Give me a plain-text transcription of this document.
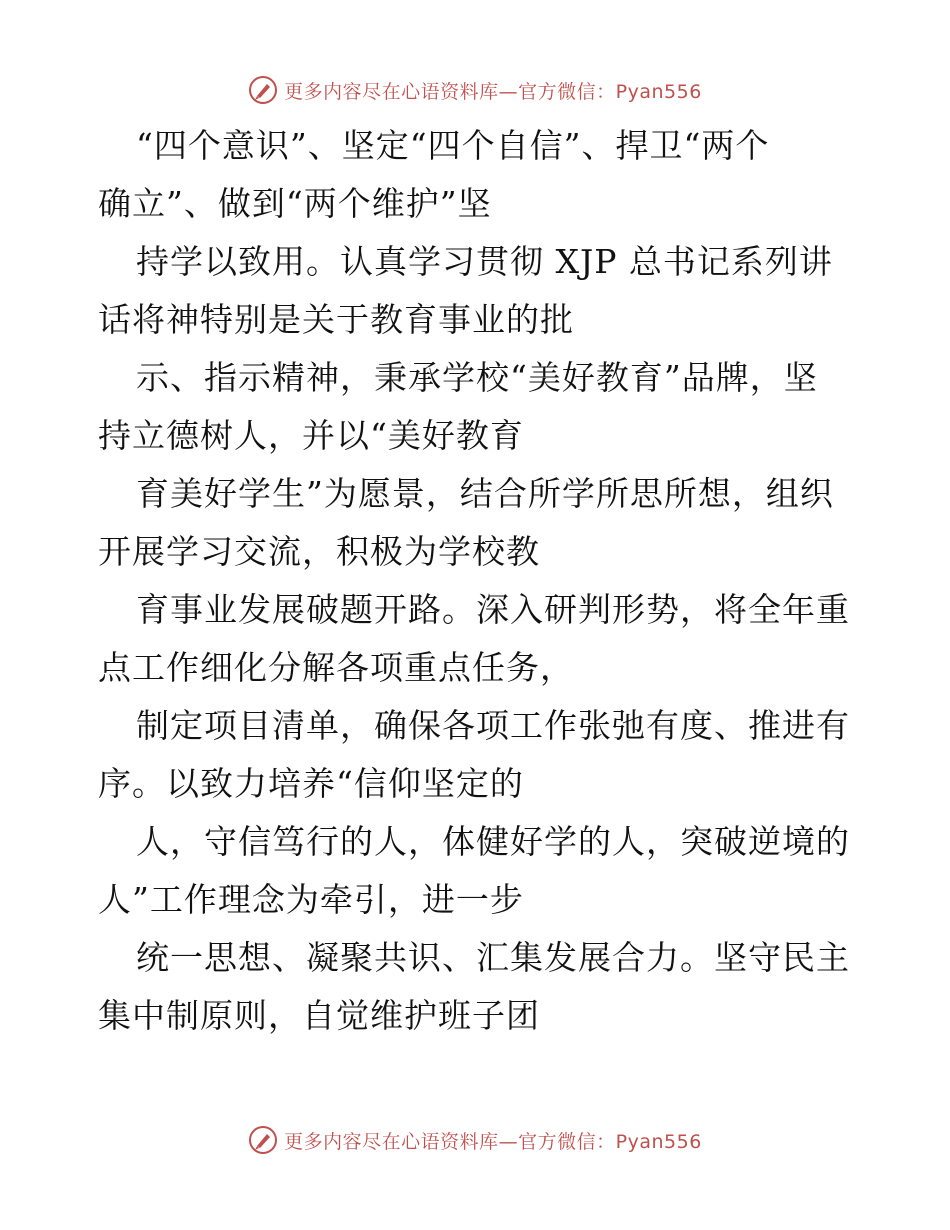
更多内容尽在心语资料库—官方微信：Pyan556
“四个意识”、坚定“四个自信”、捍卫“两个
确立”、做到“两个维护”坚
持学以致用。认真学习贯彻 XJP 总书记系列讲
话将神特别是关于教育事业的批
示、指示精神，秉承学校“美好教育”品牌，坚
持立德树人，并以“美好教育
育美好学生”为愿景，结合所学所思所想，组织
开展学习交流，积极为学校教
育事业发展破题开路。深入研判形势，将全年重
点工作细化分解各项重点任务，
制定项目清单，确保各项工作张弛有度、推进有
序。以致力培养“信仰坚定的
人，守信笃行的人，体健好学的人，突破逆境的
人”工作理念为牵引，进一步
统一思想、凝聚共识、汇集发展合力。坚守民主
集中制原则，自觉维护班子团
更多内容尽在心语资料库—官方微信：Pyan556
